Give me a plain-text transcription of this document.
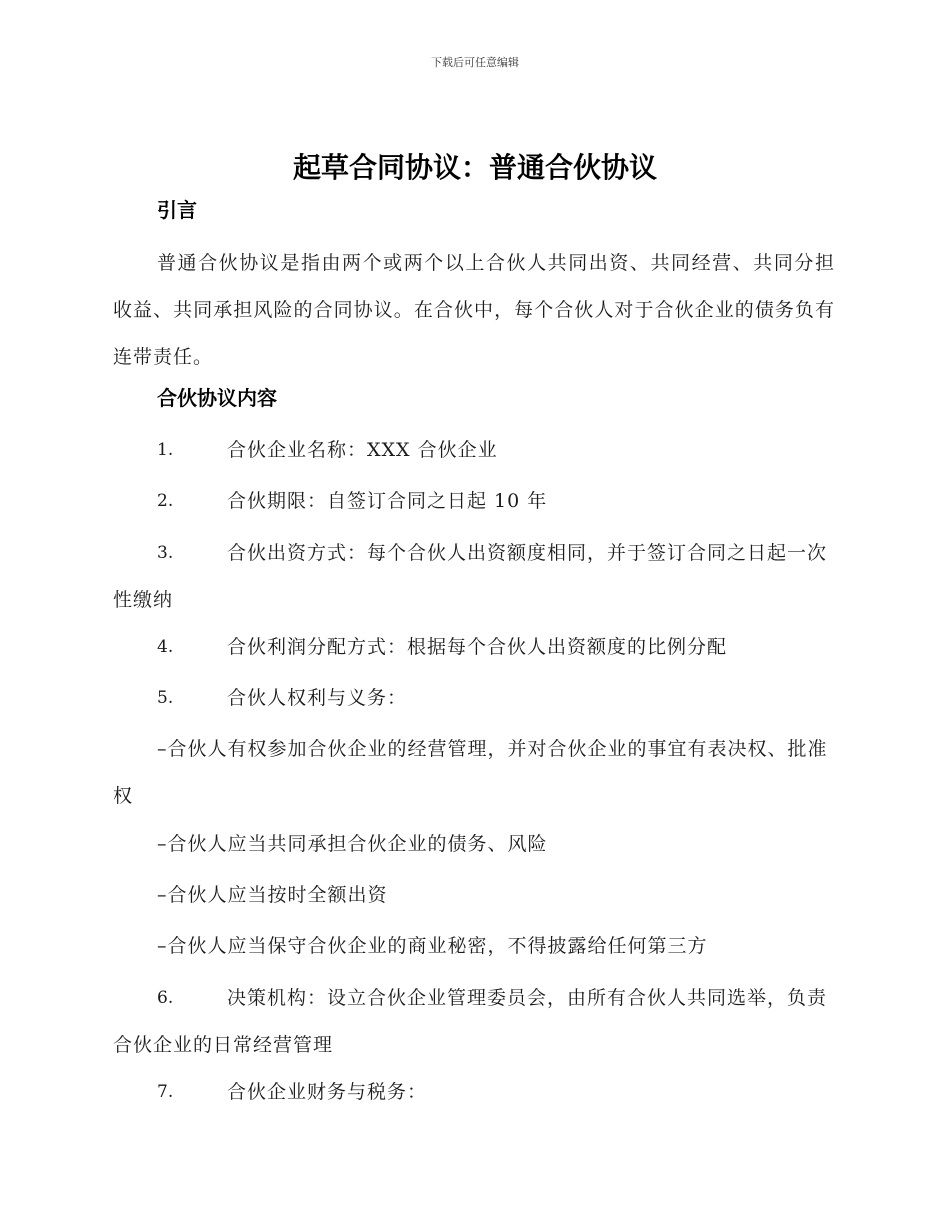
下载后可任意编辑
起草合同协议：普通合伙协议
引言
普通合伙协议是指由两个或两个以上合伙人共同出资、共同经营、共同分担收益、共同承担风险的合同协议。在合伙中，每个合伙人对于合伙企业的债务负有连带责任。
合伙协议内容
1.	合伙企业名称：XXX 合伙企业
2.	合伙期限：自签订合同之日起 10 年
3.	合伙出资方式：每个合伙人出资额度相同，并于签订合同之日起一次性缴纳
4.	合伙利润分配方式：根据每个合伙人出资额度的比例分配
5.	合伙人权利与义务：
–合伙人有权参加合伙企业的经营管理，并对合伙企业的事宜有表决权、批准权
–合伙人应当共同承担合伙企业的债务、风险
–合伙人应当按时全额出资
–合伙人应当保守合伙企业的商业秘密，不得披露给任何第三方
6.	决策机构：设立合伙企业管理委员会，由所有合伙人共同选举，负责合伙企业的日常经营管理
7.	合伙企业财务与税务：
